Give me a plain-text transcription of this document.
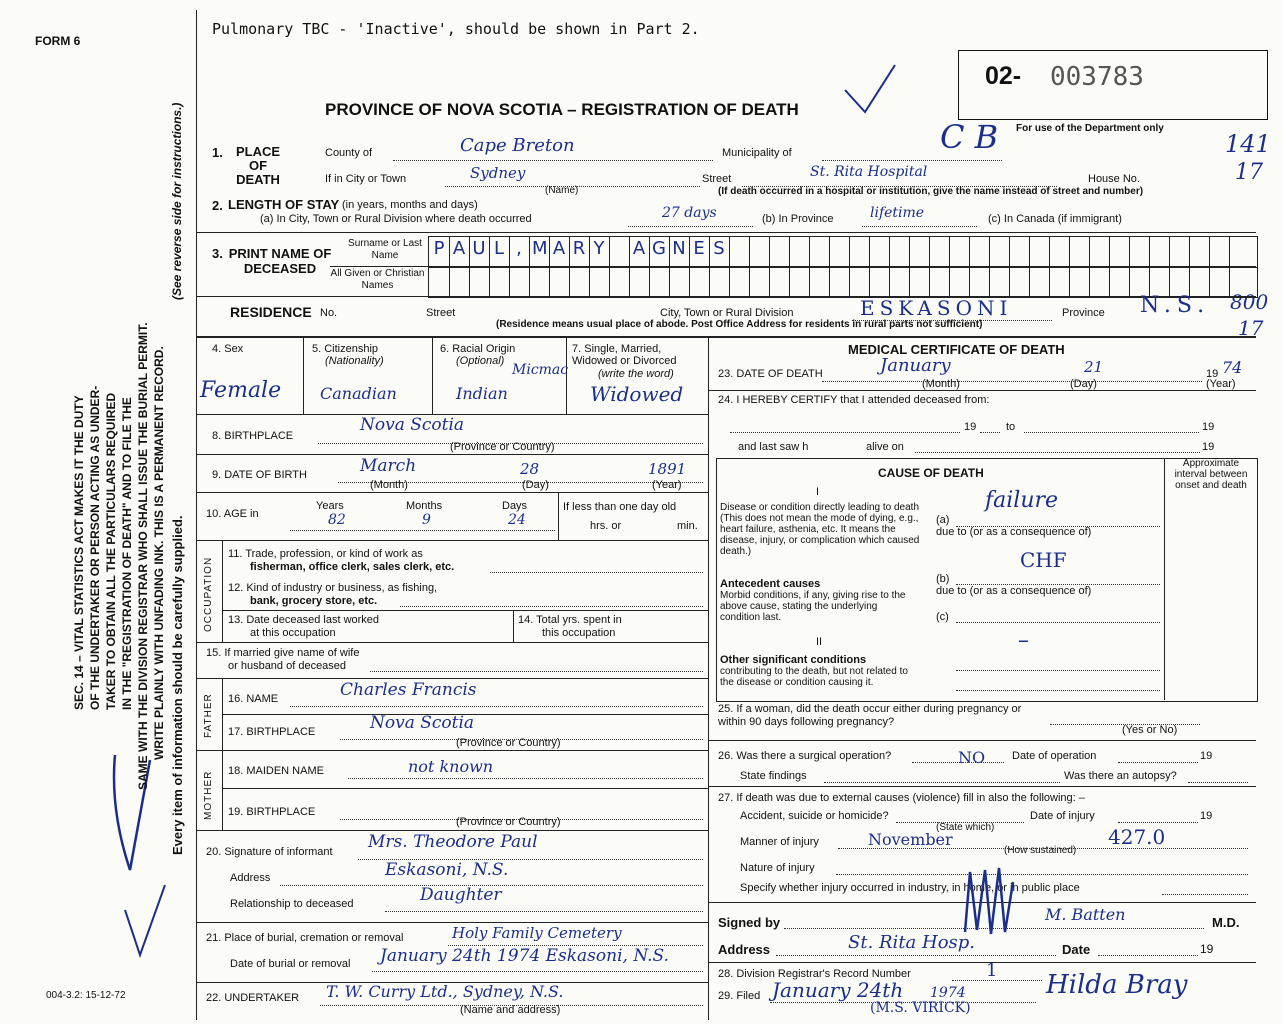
FORM 6
Pulmonary TBC - 'Inactive', should be shown in Part 2.
02- 003783
PROVINCE OF NOVA SCOTIA – REGISTRATION OF DEATH
For use of the Department only
141
17
800
17
004-3.2: 15-12-72
SEC. 14 – VITAL STATISTICS ACT MAKES IT THE DUTY OF THE UNDERTAKER OR PERSON ACTING AS UNDER- TAKER TO OBTAIN ALL THE PARTICULARS REQUIRED IN THE "REGISTRATION OF DEATH" AND TO FILE THE SAME WITH THE DIVISION REGISTRAR WHO SHALL ISSUE THE BURIAL PERMIT. WRITE PLAINLY WITH UNFADING INK. THIS IS A PERMANENT RECORD. Every item of information should be carefully supplied.
(See reverse side for instructions.) 1.	PLACE OF DEATH
County of	Cape Breton	Municipality of	C B
If in City or Town	Sydney
(Name)
Street	St. Rita Hospital	House No.
(If death occurred in a hospital or institution, give the name instead of street and number)
2. LENGTH OF STAY (in years, months and days)
(a) In City, Town or Rural Division where death occurred	27 days	(b) In Province	lifetime	(c) In Canada (if immigrant)
3. PRINT NAME OF DECEASED
Surname or Last Name
All Given or Christian Names
P A U L , M A R Y A G N E S
RESIDENCE No.	Street	City, Town or Rural Division	ESKASONI	Province N.S.
(Residence means usual place of abode. Post Office Address for residents in rural parts not sufficient)
4. Sex
Female
5. Citizenship
(Nationality)
Canadian
6. Racial Origin
(Optional)
Micmac
Indian
7. Single, Married, Widowed or Divorced
(write the word)
Widowed
8. BIRTHPLACE
Nova Scotia
(Province or Country)
9. DATE OF BIRTH	March	28	1891
(Month)	(Day)	(Year)
10. AGE in
Years
82
Months
9
Days
24
If less than one day old
hrs. or	min.
OCCUPATION
11. Trade, profession, or kind of work as
fisherman, office clerk, sales clerk, etc.
12. Kind of industry or business, as fishing,
bank, grocery store, etc.
13. Date deceased last worked
at this occupation
14. Total yrs. spent in
this occupation
15. If married give name of wife
or husband of deceased
FATHER 16. NAME	Charles Francis
17. BIRTHPLACE	Nova Scotia
(Province or Country)
MOTHER 18. MAIDEN NAME	not known
19. BIRTHPLACE
(Province or Country)
20. Signature of informant Mrs. Theodore Paul
Address	Eskasoni, N.S.
Relationship to deceased	Daughter
21. Place of burial, cremation or removal	Holy Family Cemetery
Date of burial or removal January 24th 1974 Eskasoni, N.S.
22. UNDERTAKER T. W. Curry Ltd., Sydney, N.S.
(Name and address)
MEDICAL CERTIFICATE OF DEATH
23. DATE OF DEATH	January	21	19 74
(Month)	(Day)	(Year)
24. I HEREBY CERTIFY that I attended deceased from:
19	to	19
and last saw h	alive on	19
CAUSE OF DEATH
Approximate interval between onset and death
I
Disease or condition directly leading to death (This does not mean the mode of dying, e.g., heart failure, asthenia, etc. It means the disease, injury, or complication which caused death.)
(a)
failure
due to (or as a consequence of)
CHF
Antecedent causes
Morbid conditions, if any, giving rise to the above cause, stating the underlying condition last.
(b)
due to (or as a consequence of)
(c)
II
Other significant conditions
contributing to the death, but not related to the disease or condition causing it.
–
25. If a woman, did the death occur either during pregnancy or within 90 days following pregnancy?
(Yes or No)
26. Was there a surgical operation?	NO Date of operation	19
State findings	Was there an autopsy?
27. If death was due to external causes (violence) fill in also the following: –
Accident, suicide or homicide?
(State which)
Date of injury	19
Manner of injury	November
(How sustained)
427.0
Nature of injury
Specify whether injury occurred in industry, in home, or in public place
Signed by	M. Batten	M.D.
Address	St. Rita Hosp.	Date	19
28. Division Registrar's Record Number	1
29. Filed January 24th 1974	Hilda Bray
(M.S. VIRICK)
